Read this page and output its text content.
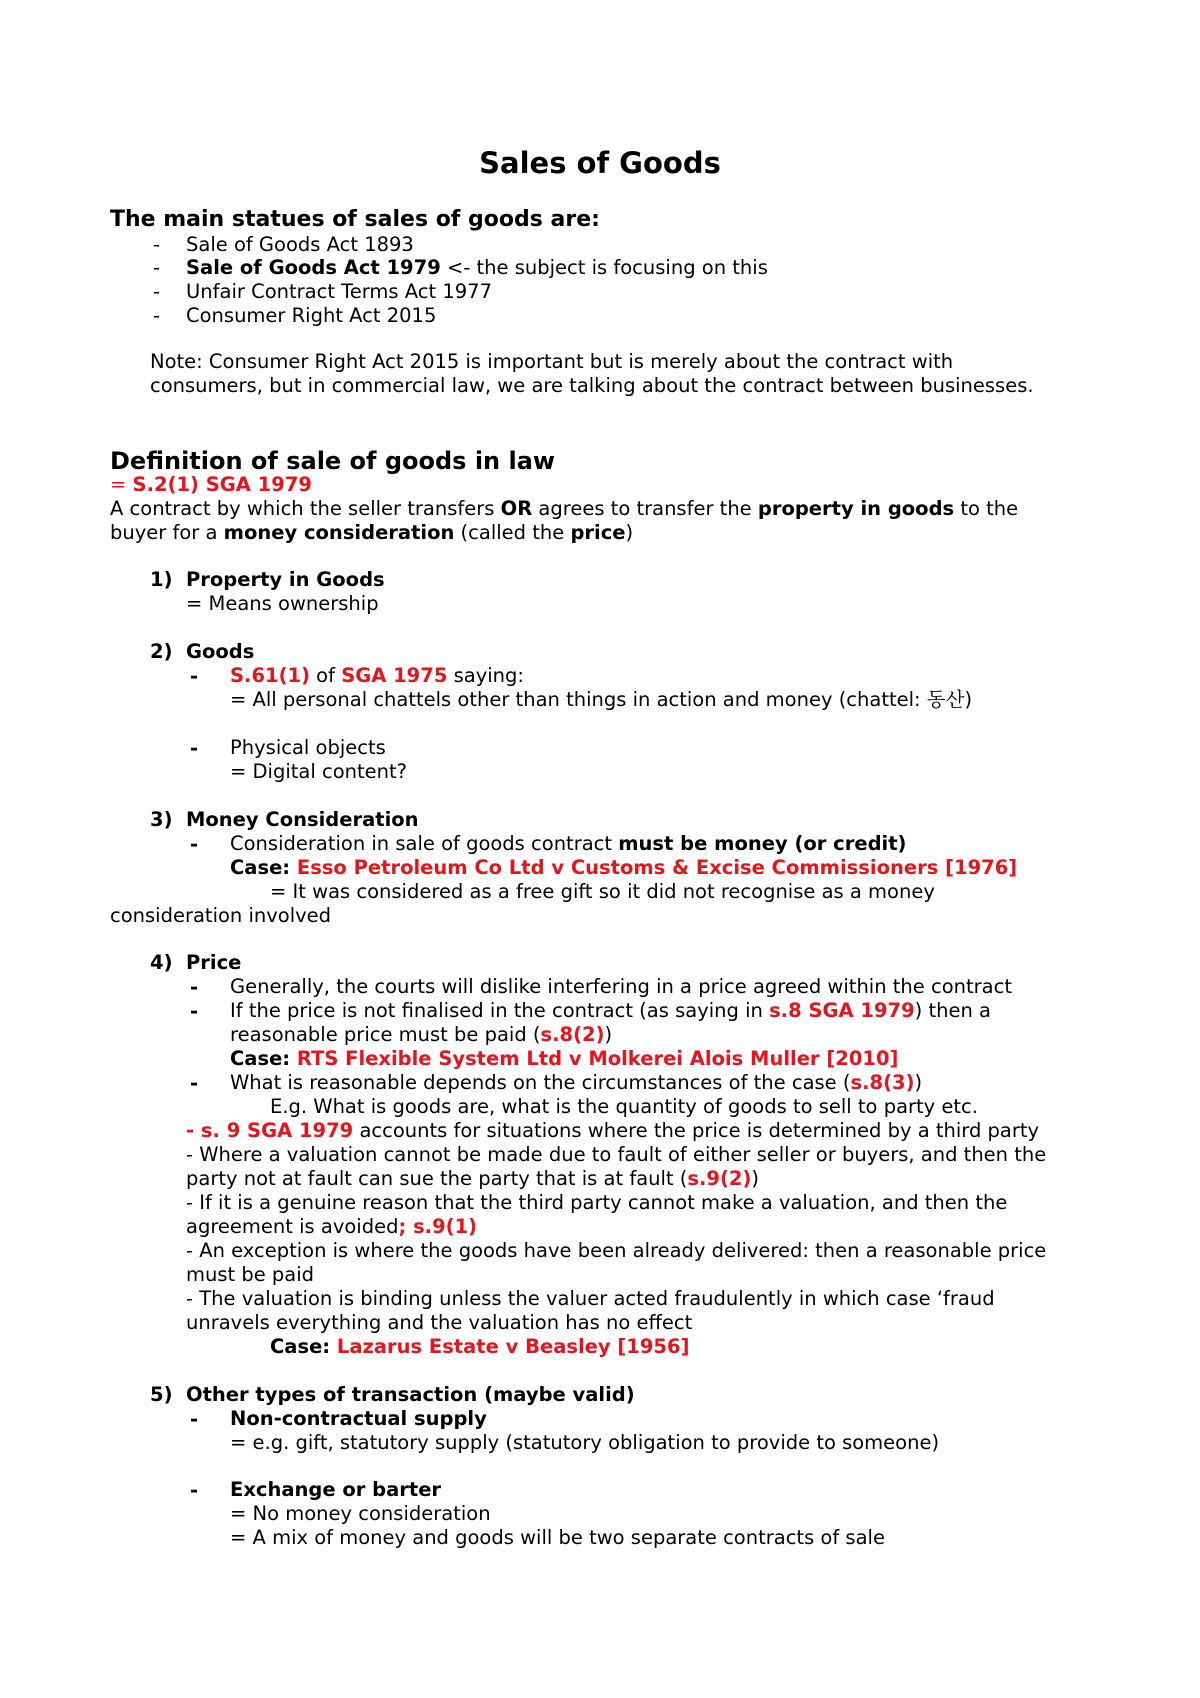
Sales of Goods
The main statues of sales of goods are:
- Sale of Goods Act 1893
- Sale of Goods Act 1979 <- the subject is focusing on this
- Unfair Contract Terms Act 1977
- Consumer Right Act 2015
Note: Consumer Right Act 2015 is important but is merely about the contract with
consumers, but in commercial law, we are talking about the contract between businesses.
Definition of sale of goods in law
= S.2(1) SGA 1979
A contract by which the seller transfers OR agrees to transfer the property in goods to the
buyer for a money consideration (called the price)
1) Property in Goods
= Means ownership
2) Goods
- S.61(1) of SGA 1975 saying:
= All personal chattels other than things in action and money (chattel: 동산)
- Physical objects
= Digital content?
3) Money Consideration
- Consideration in sale of goods contract must be money (or credit)
Case: Esso Petroleum Co Ltd v Customs & Excise Commissioners [1976]
= It was considered as a free gift so it did not recognise as a money
consideration involved
4) Price
- Generally, the courts will dislike interfering in a price agreed within the contract
- If the price is not finalised in the contract (as saying in s.8 SGA 1979) then a
reasonable price must be paid (s.8(2))
Case: RTS Flexible System Ltd v Molkerei Alois Muller [2010]
- What is reasonable depends on the circumstances of the case (s.8(3))
E.g. What is goods are, what is the quantity of goods to sell to party etc.
- s. 9 SGA 1979 accounts for situations where the price is determined by a third party
- Where a valuation cannot be made due to fault of either seller or buyers, and then the
party not at fault can sue the party that is at fault (s.9(2))
- If it is a genuine reason that the third party cannot make a valuation, and then the
agreement is avoided; s.9(1)
- An exception is where the goods have been already delivered: then a reasonable price
must be paid
- The valuation is binding unless the valuer acted fraudulently in which case ‘fraud
unravels everything and the valuation has no effect
Case: Lazarus Estate v Beasley [1956]
5) Other types of transaction (maybe valid)
- Non-contractual supply
= e.g. gift, statutory supply (statutory obligation to provide to someone)
- Exchange or barter
= No money consideration
= A mix of money and goods will be two separate contracts of sale
